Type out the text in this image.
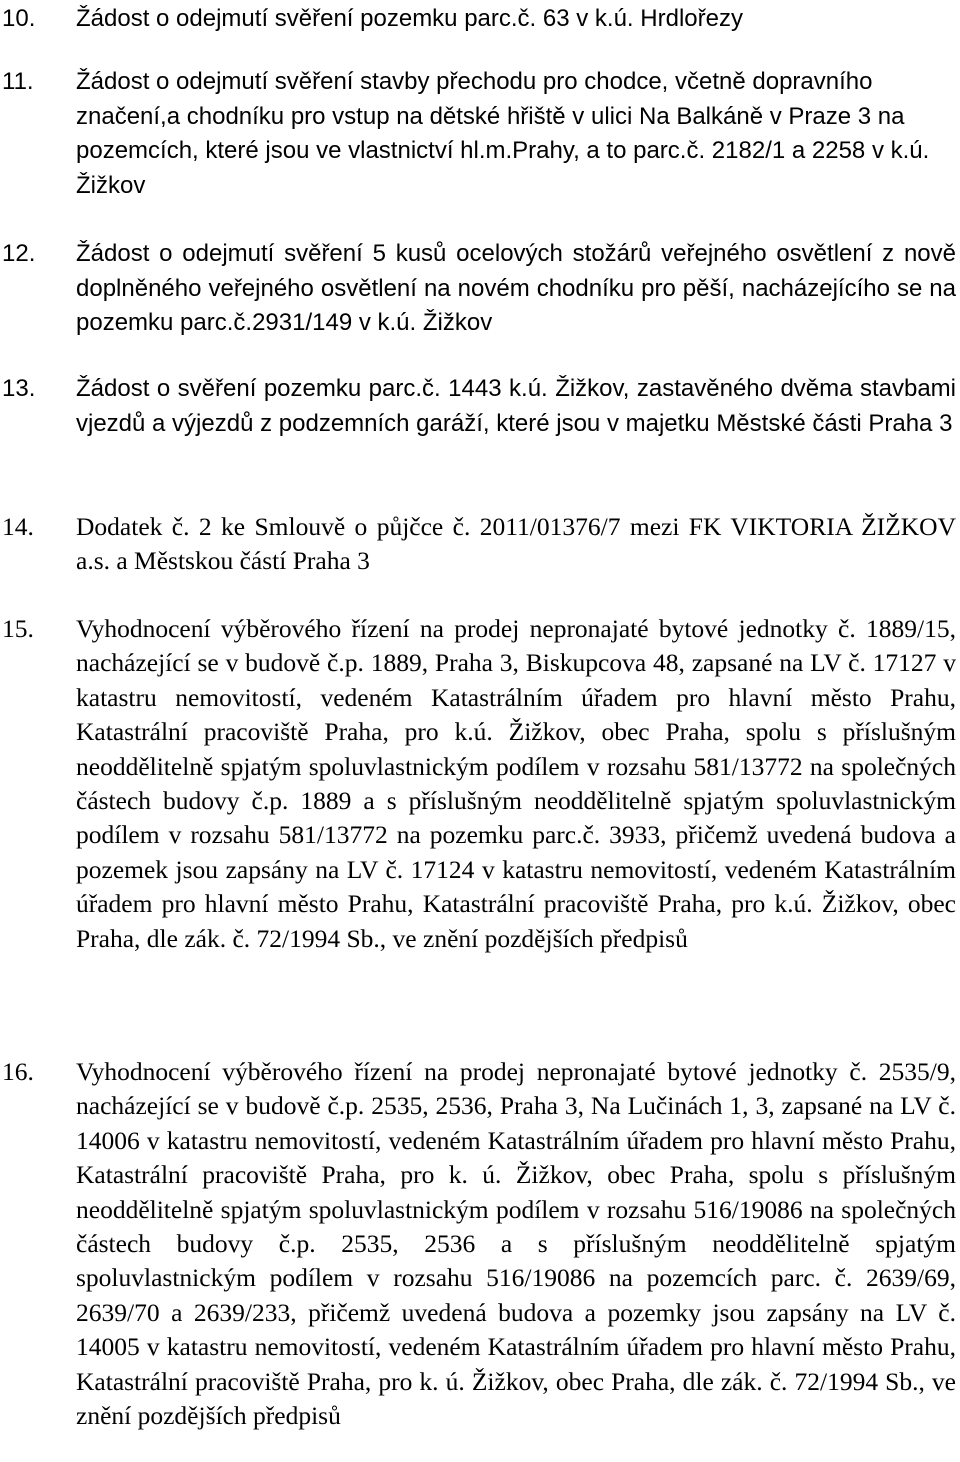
10. Žádost o odejmutí svěření pozemku parc.č. 63 v k.ú. Hrdlořezy
11. Žádost o odejmutí svěření stavby přechodu pro chodce, včetně dopravního značení,a chodníku pro vstup na dětské hřiště v ulici Na Balkáně v Praze 3 na pozemcích, které jsou ve vlastnictví hl.m.Prahy, a to parc.č. 2182/1 a 2258 v k.ú. Žižkov
12. Žádost o odejmutí svěření 5 kusů ocelových stožárů veřejného osvětlení z nově doplněného veřejného osvětlení na novém chodníku pro pěší, nacházejícího se na pozemku parc.č.2931/149 v k.ú. Žižkov
13. Žádost o svěření pozemku parc.č. 1443 k.ú. Žižkov, zastavěného dvěma stavbami vjezdů a výjezdů z podzemních garáží, které jsou v majetku Městské části Praha 3
14. Dodatek č. 2 ke Smlouvě o půjčce č. 2011/01376/7 mezi FK VIKTORIA ŽIŽKOV a.s. a Městskou částí Praha 3
15. Vyhodnocení výběrového řízení na prodej nepronajaté bytové jednotky č. 1889/15, nacházející se v budově č.p. 1889, Praha 3, Biskupcova 48, zapsané na LV č. 17127 v katastru nemovitostí, vedeném Katastrálním úřadem pro hlavní město Prahu, Katastrální pracoviště Praha, pro k.ú. Žižkov, obec Praha, spolu s příslušným neoddělitelně spjatým spoluvlastnickým podílem v rozsahu 581/13772 na společných částech budovy č.p. 1889 a s příslušným neoddělitelně spjatým spoluvlastnickým podílem v rozsahu 581/13772 na pozemku parc.č. 3933, přičemž uvedená budova a pozemek jsou zapsány na LV č. 17124 v katastru nemovitostí, vedeném Katastrálním úřadem pro hlavní město Prahu, Katastrální pracoviště Praha, pro k.ú. Žižkov, obec Praha, dle zák. č. 72/1994 Sb., ve znění pozdějších předpisů
16. Vyhodnocení výběrového řízení na prodej nepronajaté bytové jednotky č. 2535/9, nacházející se v budově č.p. 2535, 2536, Praha 3, Na Lučinách 1, 3, zapsané na LV č. 14006 v katastru nemovitostí, vedeném Katastrálním úřadem pro hlavní město Prahu, Katastrální pracoviště Praha, pro k. ú. Žižkov, obec Praha, spolu s příslušným neoddělitelně spjatým spoluvlastnickým podílem v rozsahu 516/19086 na společných částech budovy č.p. 2535, 2536 a s příslušným neoddělitelně spjatým spoluvlastnickým podílem v rozsahu 516/19086 na pozemcích parc. č. 2639/69, 2639/70 a 2639/233, přičemž uvedená budova a pozemky jsou zapsány na LV č. 14005 v katastru nemovitostí, vedeném Katastrálním úřadem pro hlavní město Prahu, Katastrální pracoviště Praha, pro k. ú. Žižkov, obec Praha, dle zák. č. 72/1994 Sb., ve znění pozdějších předpisů
